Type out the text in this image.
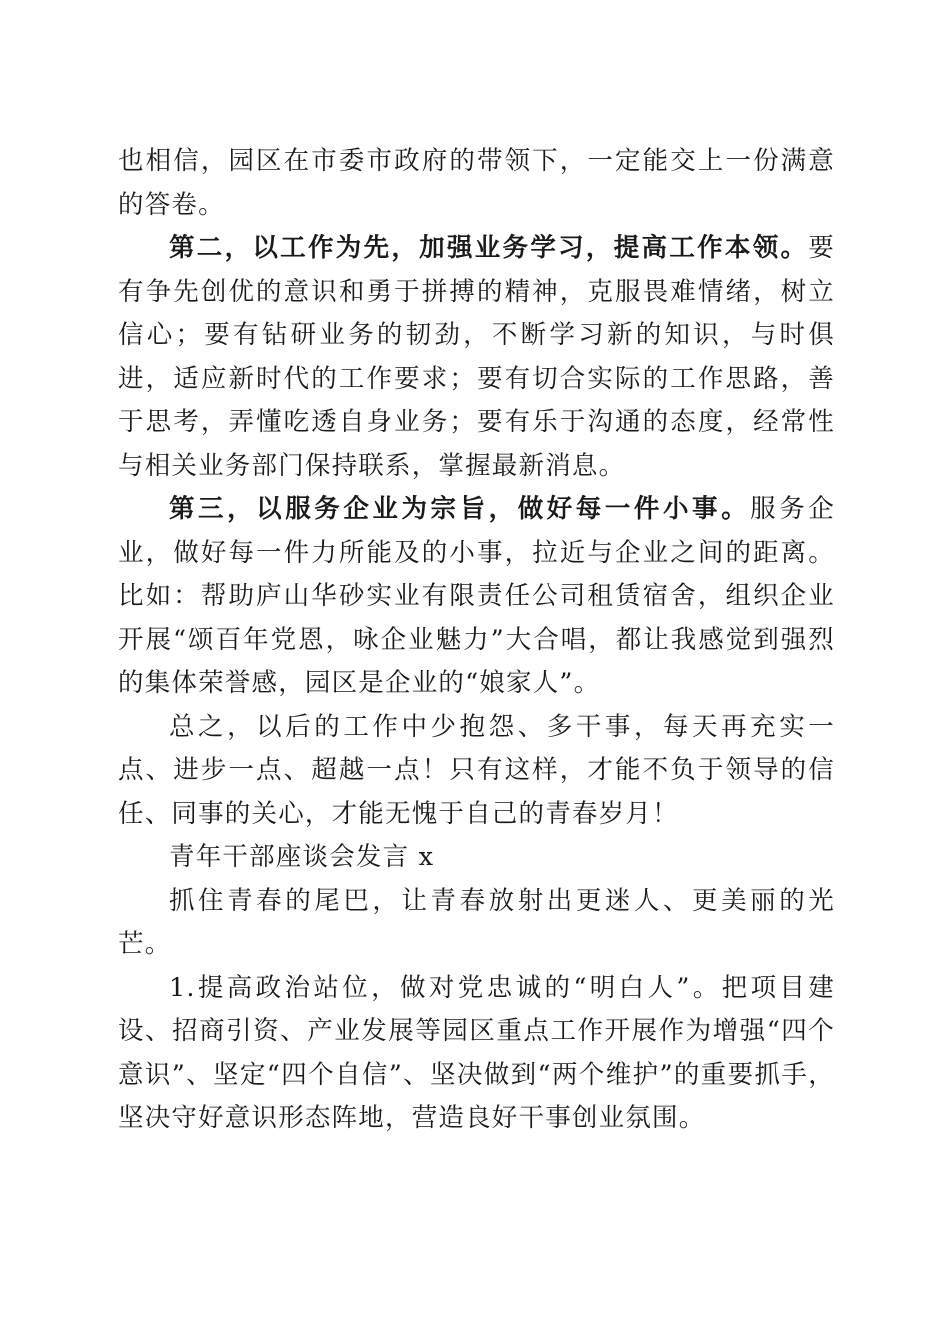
也相信，园区在市委市政府的带领下，一定能交上一份满意的答卷。

第二，以工作为先，加强业务学习，提高工作本领。要有争先创优的意识和勇于拼搏的精神，克服畏难情绪，树立信心；要有钻研业务的韧劲，不断学习新的知识，与时俱进，适应新时代的工作要求；要有切合实际的工作思路，善于思考，弄懂吃透自身业务；要有乐于沟通的态度，经常性与相关业务部门保持联系，掌握最新消息。

第三，以服务企业为宗旨，做好每一件小事。服务企业，做好每一件力所能及的小事，拉近与企业之间的距离。比如：帮助庐山华砂实业有限责任公司租赁宿舍，组织企业开展“颂百年党恩，咏企业魅力”大合唱，都让我感觉到强烈的集体荣誉感，园区是企业的“娘家人”。

总之，以后的工作中少抱怨、多干事，每天再充实一点、进步一点、超越一点！只有这样，才能不负于领导的信任、同事的关心，才能无愧于自己的青春岁月！

青年干部座谈会发言 x

抓住青春的尾巴，让青春放射出更迷人、更美丽的光芒。

1.提高政治站位，做对党忠诚的“明白人”。把项目建设、招商引资、产业发展等园区重点工作开展作为增强“四个意识”、坚定“四个自信”、坚决做到“两个维护”的重要抓手，坚决守好意识形态阵地，营造良好干事创业氛围。
